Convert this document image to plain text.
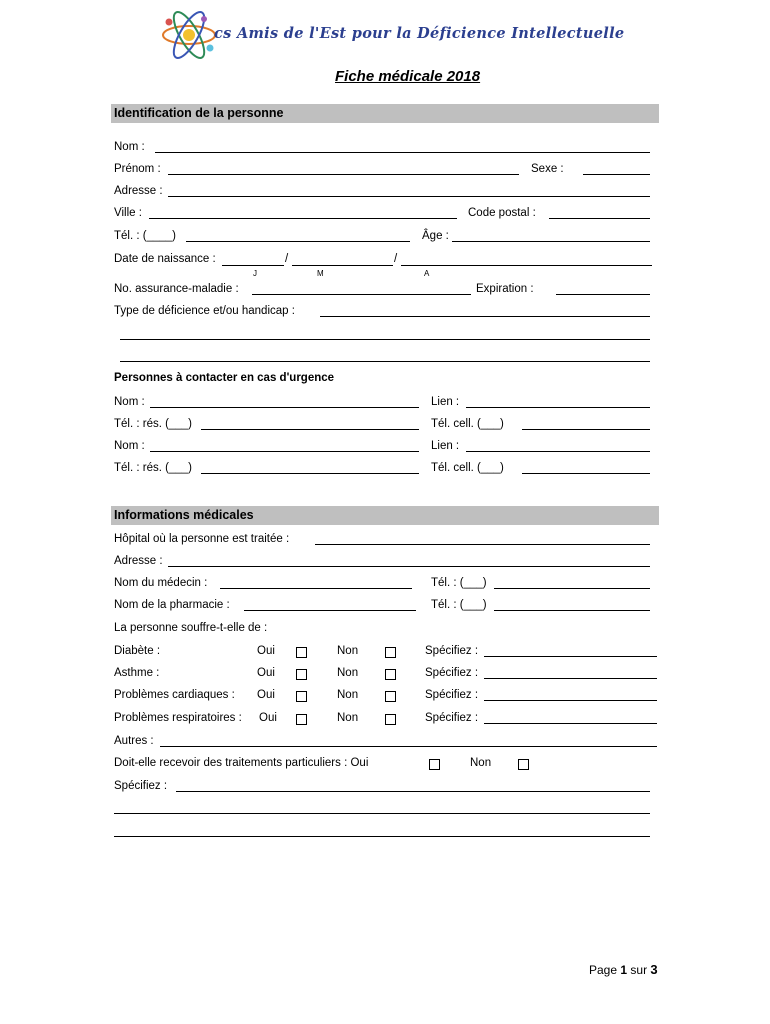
cs Amis de l'Est pour la Déficience Intellectuelle
Fiche médicale 2018
Identification de la personne
Nom :
Prénom :	Sexe :
Adresse :
Ville :	Code postal :
Tél. : (____)	Âge :
Date de naissance :	/	/
J	M	A
No. assurance-maladie :	Expiration :
Type de déficience et/ou handicap :
Personnes à contacter en cas d'urgence
Nom :	Lien :
Tél. : rés. (___)	Tél. cell. (___)
Nom :	Lien :
Tél. : rés. (___)	Tél. cell. (___)
Informations médicales
Hôpital où la personne est traitée :
Adresse :
Nom du médecin :	Tél. : (___)
Nom de la pharmacie :	Tél. : (___)
La personne souffre-t-elle de :
Diabète :	Oui	Non	Spécifiez :
Asthme :	Oui	Non	Spécifiez :
Problèmes cardiaques : Oui	Non	Spécifiez :
Problèmes respiratoires : Oui	Non	Spécifiez :
Autres :
Doit-elle recevoir des traitements particuliers : Oui	Non
Spécifiez :
Page 1 sur 3
